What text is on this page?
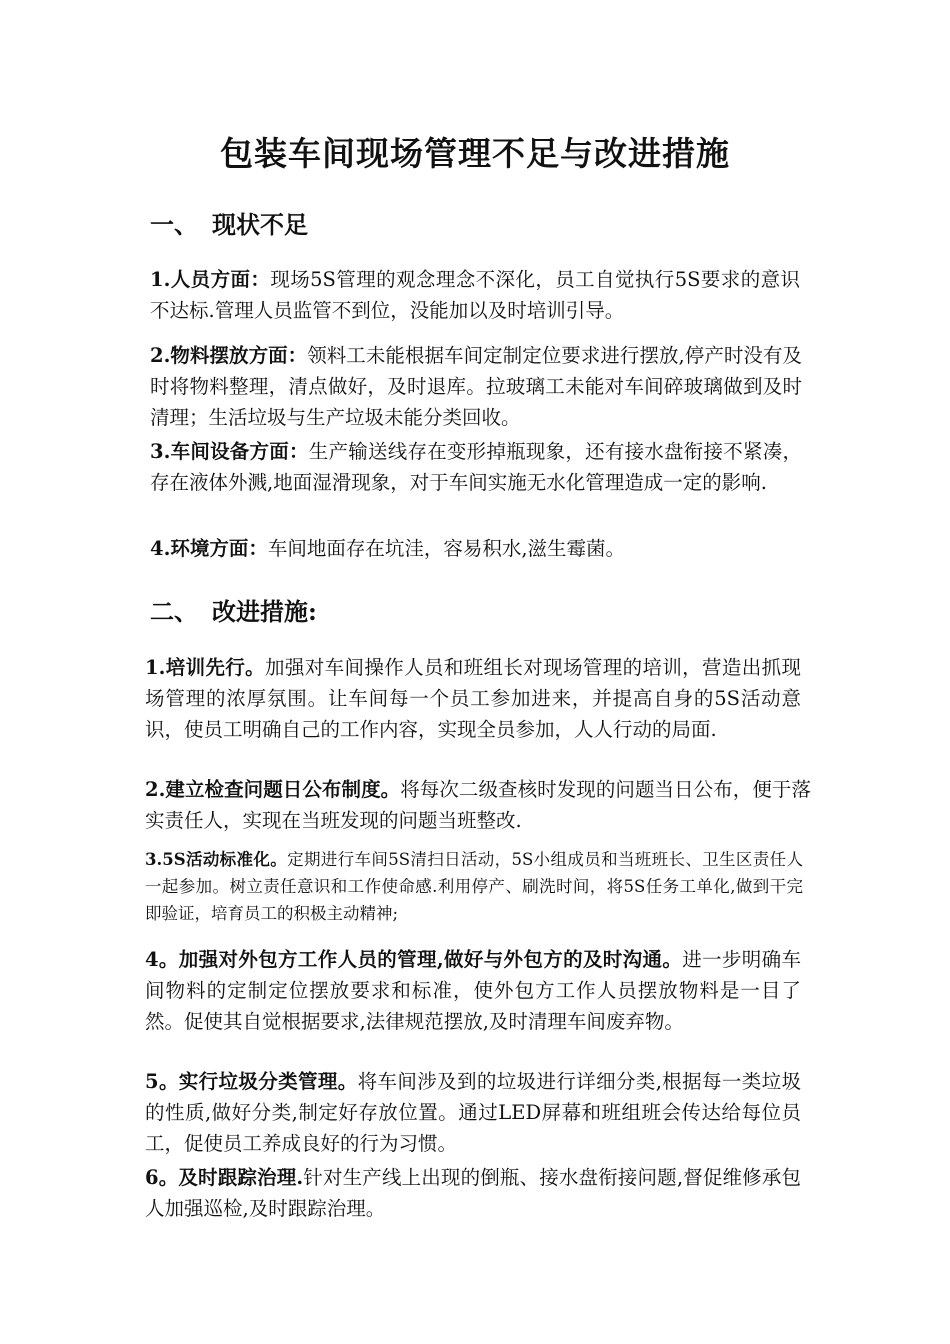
包装车间现场管理不足与改进措施
一、 现状不足

1.人员方面：现场5S管理的观念理念不深化，员工自觉执行5S要求的意识不达标.管理人员监管不到位，没能加以及时培训引导。

2.物料摆放方面：领料工未能根据车间定制定位要求进行摆放,停产时没有及时将物料整理，清点做好，及时退库。拉玻璃工未能对车间碎玻璃做到及时清理；生活垃圾与生产垃圾未能分类回收。

3.车间设备方面：生产输送线存在变形掉瓶现象，还有接水盘衔接不紧凑，存在液体外溅,地面湿滑现象，对于车间实施无水化管理造成一定的影响.

4.环境方面：车间地面存在坑洼，容易积水,滋生霉菌。

二、 改进措施:

1.培训先行。加强对车间操作人员和班组长对现场管理的培训，营造出抓现场管理的浓厚氛围。让车间每一个员工参加进来，并提高自身的5S活动意识，使员工明确自己的工作内容，实现全员参加，人人行动的局面.

2.建立检查问题日公布制度。将每次二级查核时发现的问题当日公布，便于落实责任人，实现在当班发现的问题当班整改.

3.5S活动标准化。定期进行车间5S清扫日活动，5S小组成员和当班班长、卫生区责任人一起参加。树立责任意识和工作使命感.利用停产、刷洗时间，将5S任务工单化,做到干完即验证，培育员工的积极主动精神;

4。加强对外包方工作人员的管理,做好与外包方的及时沟通。进一步明确车间物料的定制定位摆放要求和标准，使外包方工作人员摆放物料是一目了然。促使其自觉根据要求,法律规范摆放,及时清理车间废弃物。

5。实行垃圾分类管理。将车间涉及到的垃圾进行详细分类,根据每一类垃圾的性质,做好分类,制定好存放位置。通过LED屏幕和班组班会传达给每位员工，促使员工养成良好的行为习惯。

6。及时跟踪治理.针对生产线上出现的倒瓶、接水盘衔接问题,督促维修承包人加强巡检,及时跟踪治理。
